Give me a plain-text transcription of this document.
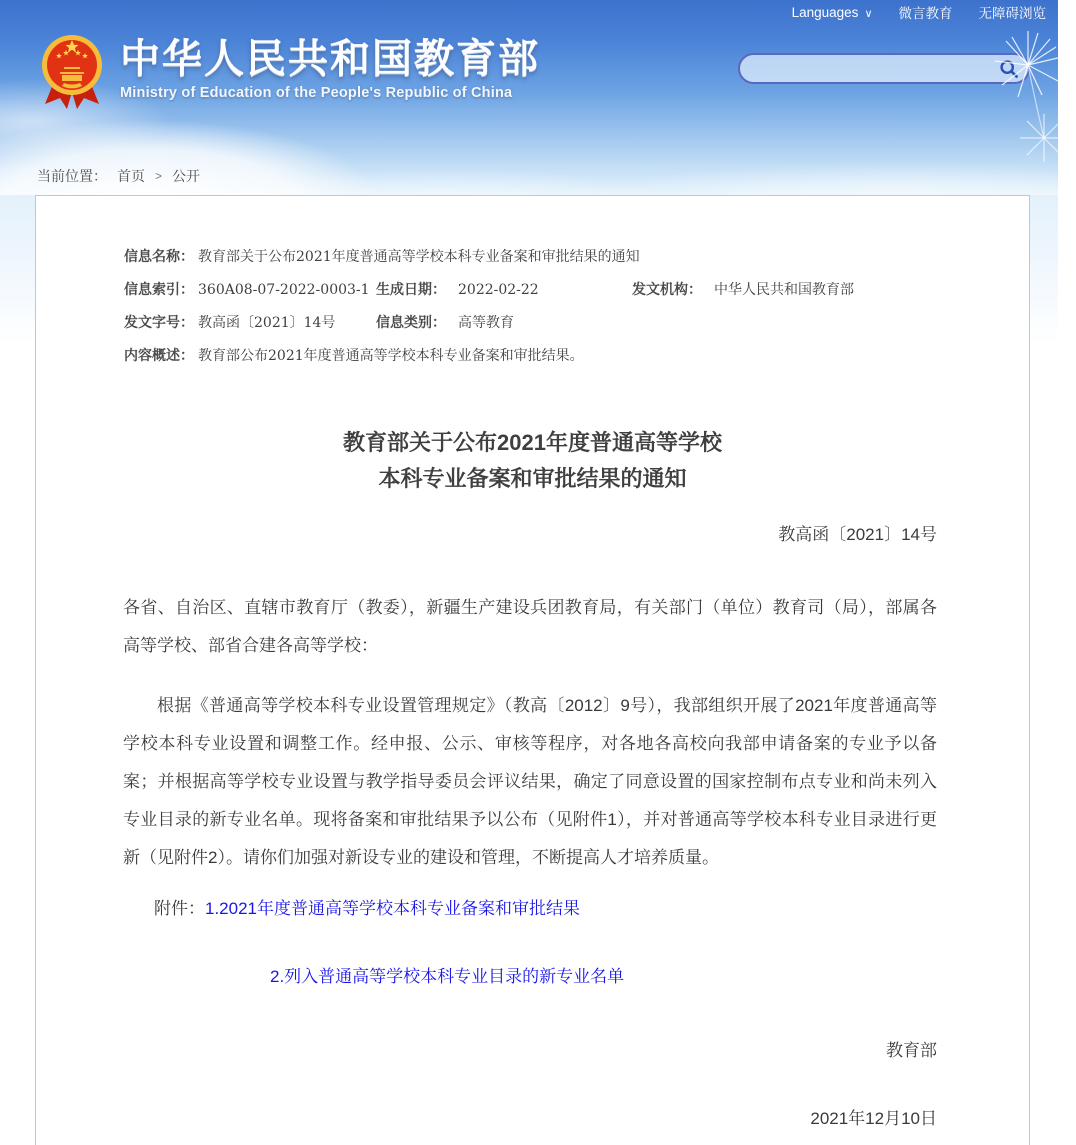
Languages ∨ 微言教育 无障碍浏览
中华人民共和国教育部
Ministry of Education of the People's Republic of China
当前位置： 首页 > 公开
信息名称： 教育部关于公布2021年度普通高等学校本科专业备案和审批结果的通知
信息索引： 360A08-07-2022-0003-1 生成日期： 2022-02-22	发文机构： 中华人民共和国教育部
发文字号： 教高函〔2021〕14号	信息类别： 高等教育
内容概述： 教育部公布2021年度普通高等学校本科专业备案和审批结果。
教育部关于公布2021年度普通高等学校
本科专业备案和审批结果的通知
教高函〔2021〕14号

各省、自治区、直辖市教育厅（教委），新疆生产建设兵团教育局，有关部门（单位）教育司（局），部属各高等学校、部省合建各高等学校：

根据《普通高等学校本科专业设置管理规定》（教高〔2012〕9号），我部组织开展了2021年度普通高等学校本科专业设置和调整工作。经申报、公示、审核等程序，对各地各高校向我部申请备案的专业予以备案；并根据高等学校专业设置与教学指导委员会评议结果，确定了同意设置的国家控制布点专业和尚未列入专业目录的新专业名单。现将备案和审批结果予以公布（见附件1），并对普通高等学校本科专业目录进行更新（见附件2）。请你们加强对新设专业的建设和管理，不断提高人才培养质量。

附件：1.2021年度普通高等学校本科专业备案和审批结果
2.列入普通高等学校本科专业目录的新专业名单
教育部
2021年12月10日
